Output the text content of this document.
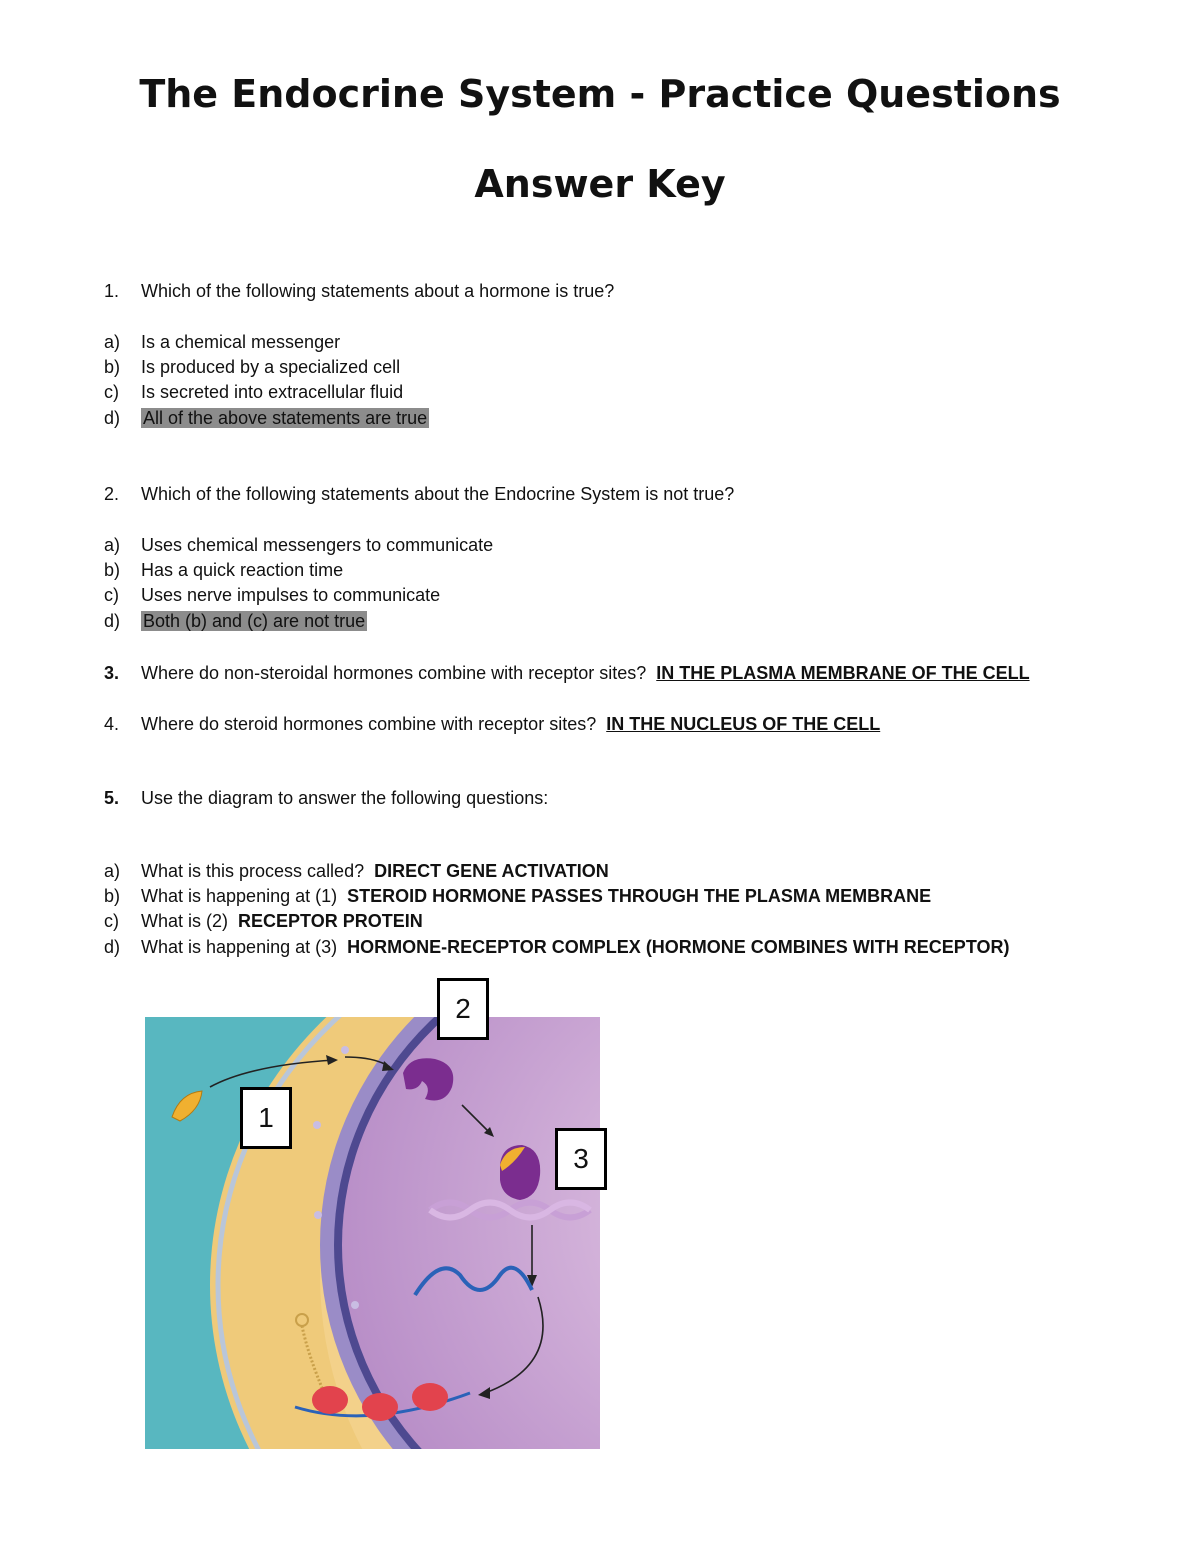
The Endocrine System - Practice Questions
Answer Key
1. Which of the following statements about a hormone is true?
a) Is a chemical messenger
b) Is produced by a specialized cell
c) Is secreted into extracellular fluid
d) All of the above statements are true
2. Which of the following statements about the Endocrine System is not true?
a) Uses chemical messengers to communicate
b) Has a quick reaction time
c) Uses nerve impulses to communicate
d) Both (b) and (c) are not true
3. Where do non-steroidal hormones combine with receptor sites? IN THE PLASMA MEMBRANE OF THE CELL
4. Where do steroid hormones combine with receptor sites? IN THE NUCLEUS OF THE CELL
5. Use the diagram to answer the following questions:
a) What is this process called? DIRECT GENE ACTIVATION
b) What is happening at (1) STEROID HORMONE PASSES THROUGH THE PLASMA MEMBRANE
c) What is (2) RECEPTOR PROTEIN
d) What is happening at (3) HORMONE-RECEPTOR COMPLEX (HORMONE COMBINES WITH RECEPTOR)
1
2
3
